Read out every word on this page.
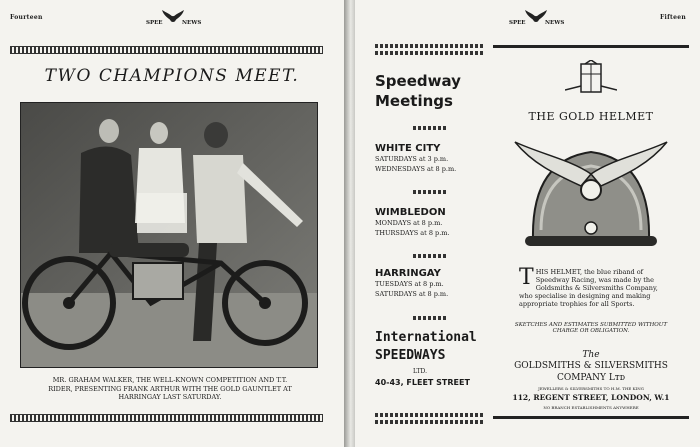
Fourteen
SPEE	NEWS
TWO CHAMPIONS MEET.
MR. GRAHAM WALKER, THE WELL-KNOWN COMPETITION AND T.T. RIDER, PRESENTING FRANK ARTHUR WITH THE GOLD GAUNTLET AT HARRINGAY LAST SATURDAY.
SPEE	NEWS
Fifteen
Speedway
Meetings
WHITE CITY
SATURDAYS at 3 p.m.
WEDNESDAYS at 8 p.m.
WIMBLEDON
MONDAYS at 8 p.m.
THURSDAYS at 8 p.m.
HARRINGAY
TUESDAYS at 8 p.m.
SATURDAYS at 8 p.m.
International
SPEEDWAYS
LTD.
40-43, FLEET STREET
THE GOLD HELMET
THIS HELMET, the blue riband of Speedway Racing, was made by the Goldsmiths & Silversmiths Company, who specialise in designing and making appropriate trophies for all Sports.
SKETCHES AND ESTIMATES SUBMITTED WITHOUT CHARGE OR OBLIGATION.
The
GOLDSMITHS & SILVERSMITHS
COMPANY Lᴛᴅ
JEWELLERS & SILVERSMITHS TO H.M. THE KING
112, REGENT STREET, LONDON, W.1
NO BRANCH ESTABLISHMENTS ANYWHERE
